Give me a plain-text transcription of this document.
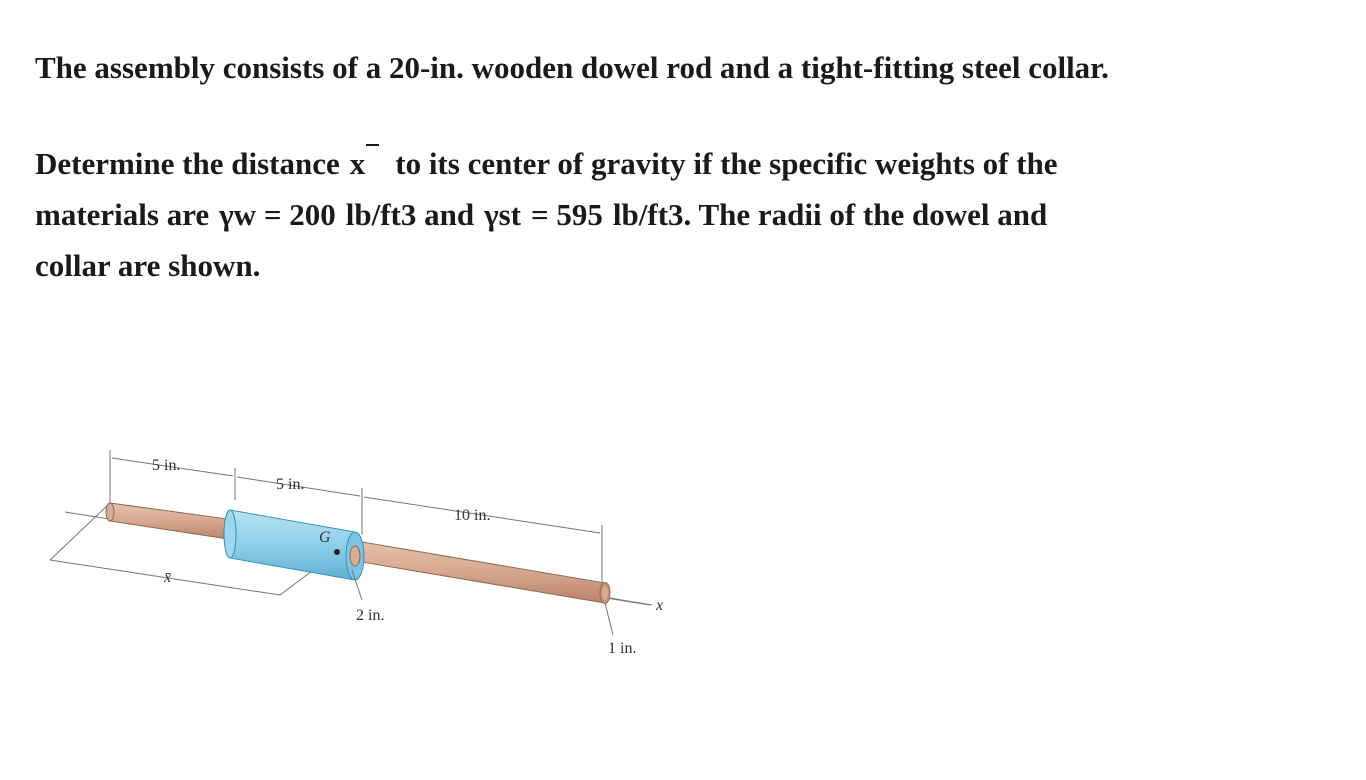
The assembly consists of a 20-in. wooden dowel rod and a tight-fitting steel collar.

Determine the distance x to its center of gravity if the specific weights of the
materials are γw = 200 lb/ft3 and γst = 595 lb/ft3. The radii of the dowel and
collar are shown.

5 in.
5 in.
10 in.
x̄
G
2 in.
1 in.
x
